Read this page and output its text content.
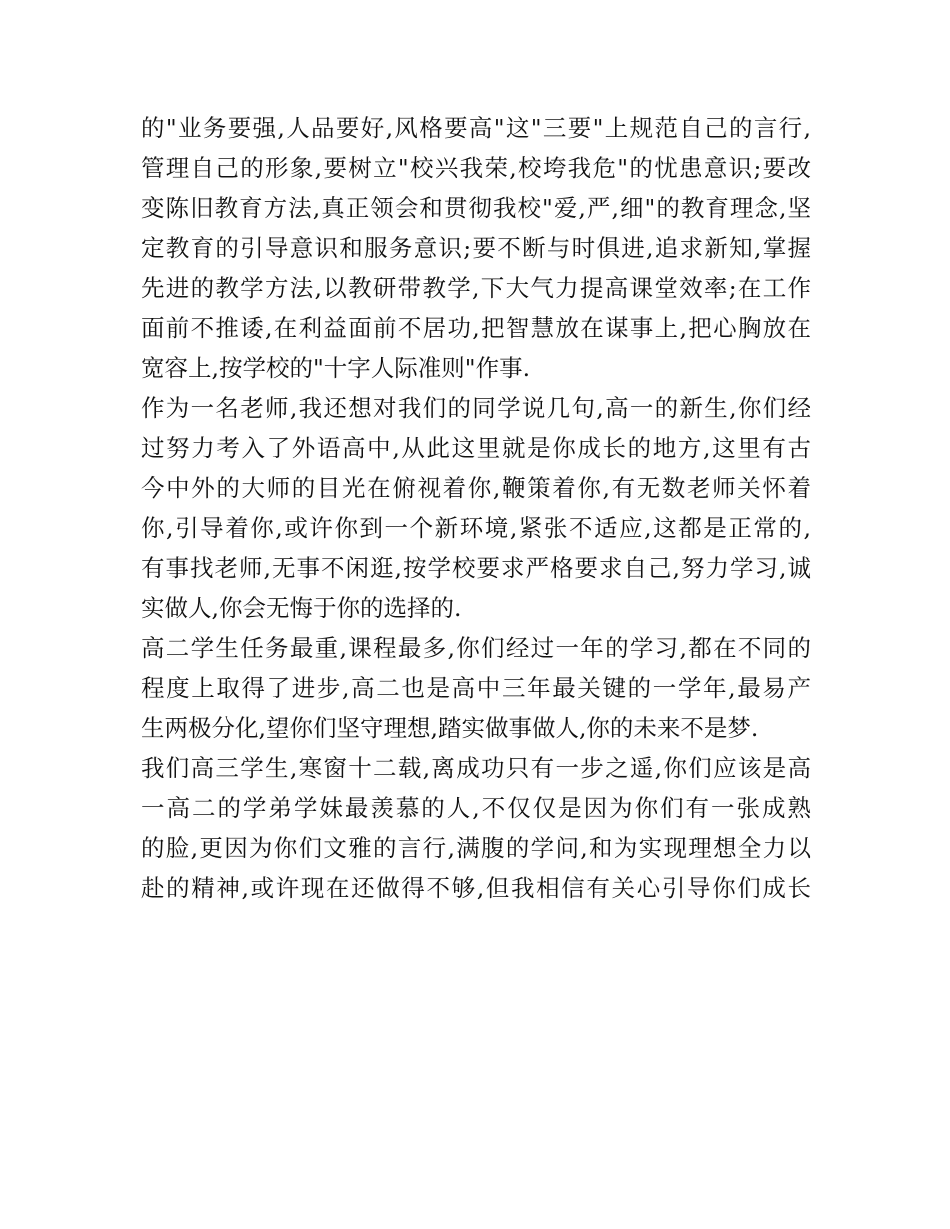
的"业务要强,人品要好,风格要高"这"三要"上规范自己的言行,
管理自己的形象,要树立"校兴我荣,校垮我危"的忧患意识;要改
变陈旧教育方法,真正领会和贯彻我校"爱,严,细"的教育理念,坚
定教育的引导意识和服务意识;要不断与时俱进,追求新知,掌握
先进的教学方法,以教研带教学,下大气力提高课堂效率;在工作
面前不推诿,在利益面前不居功,把智慧放在谋事上,把心胸放在
宽容上,按学校的"十字人际准则"作事.
作为一名老师,我还想对我们的同学说几句,高一的新生,你们经
过努力考入了外语高中,从此这里就是你成长的地方,这里有古
今中外的大师的目光在俯视着你,鞭策着你,有无数老师关怀着
你,引导着你,或许你到一个新环境,紧张不适应,这都是正常的,
有事找老师,无事不闲逛,按学校要求严格要求自己,努力学习,诚
实做人,你会无悔于你的选择的.
高二学生任务最重,课程最多,你们经过一年的学习,都在不同的
程度上取得了进步,高二也是高中三年最关键的一学年,最易产
生两极分化,望你们坚守理想,踏实做事做人,你的未来不是梦.
我们高三学生,寒窗十二载,离成功只有一步之遥,你们应该是高
一高二的学弟学妹最羡慕的人,不仅仅是因为你们有一张成熟
的脸,更因为你们文雅的言行,满腹的学问,和为实现理想全力以
赴的精神,或许现在还做得不够,但我相信有关心引导你们成长
